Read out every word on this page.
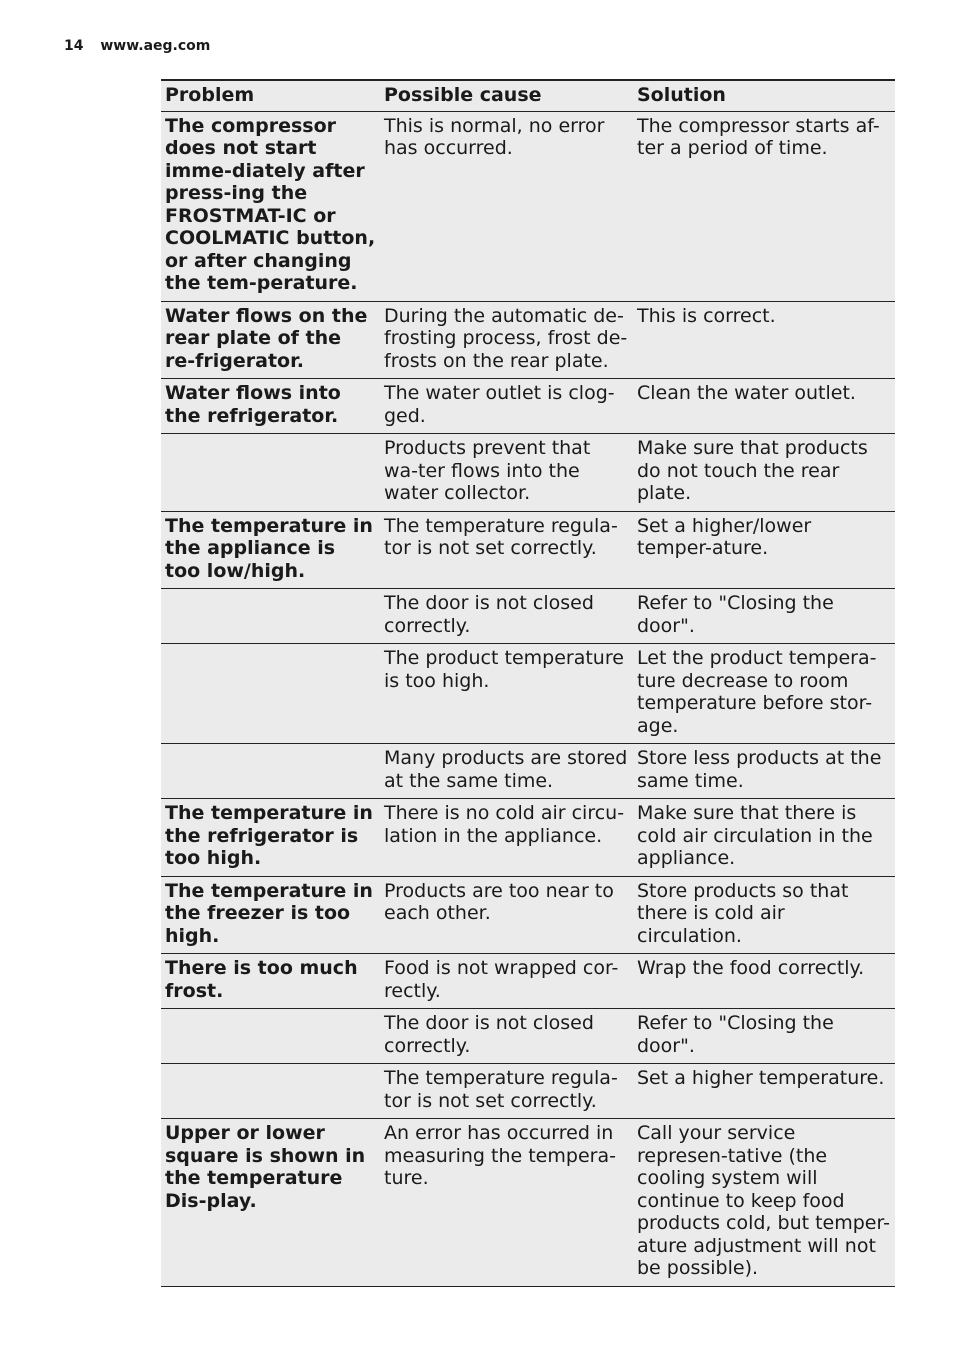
14 www.aeg.com
Problem	Possible cause	Solution
The compressor does not start imme-diately after press-ing the FROSTMAT-IC or COOLMATIC button, or after changing the tem-perature.	This is normal, no error has occurred.	The compressor starts af-ter a period of time.
Water flows on the rear plate of the re-frigerator.	During the automatic de-frosting process, frost de-frosts on the rear plate.	This is correct.
Water flows into the refrigerator.	The water outlet is clog-ged.	Clean the water outlet.
	Products prevent that wa-ter flows into the water collector.	Make sure that products do not touch the rear plate.
The temperature in the appliance is too low/high.	The temperature regula-tor is not set correctly.	Set a higher/lower temper-ature.
	The door is not closed correctly.	Refer to "Closing the door".
	The product temperature is too high.	Let the product tempera-ture decrease to room temperature before stor-age.
	Many products are stored at the same time.	Store less products at the same time.
The temperature in the refrigerator is too high.	There is no cold air circu-lation in the appliance.	Make sure that there is cold air circulation in the appliance.
The temperature in the freezer is too high.	Products are too near to each other.	Store products so that there is cold air circulation.
There is too much frost.	Food is not wrapped cor-rectly.	Wrap the food correctly.
	The door is not closed correctly.	Refer to "Closing the door".
	The temperature regula-tor is not set correctly.	Set a higher temperature.
Upper or lower square is shown in the temperature Dis-play.	An error has occurred in measuring the tempera-ture.	Call your service represen-tative (the cooling system will continue to keep food products cold, but temper-ature adjustment will not be possible).
